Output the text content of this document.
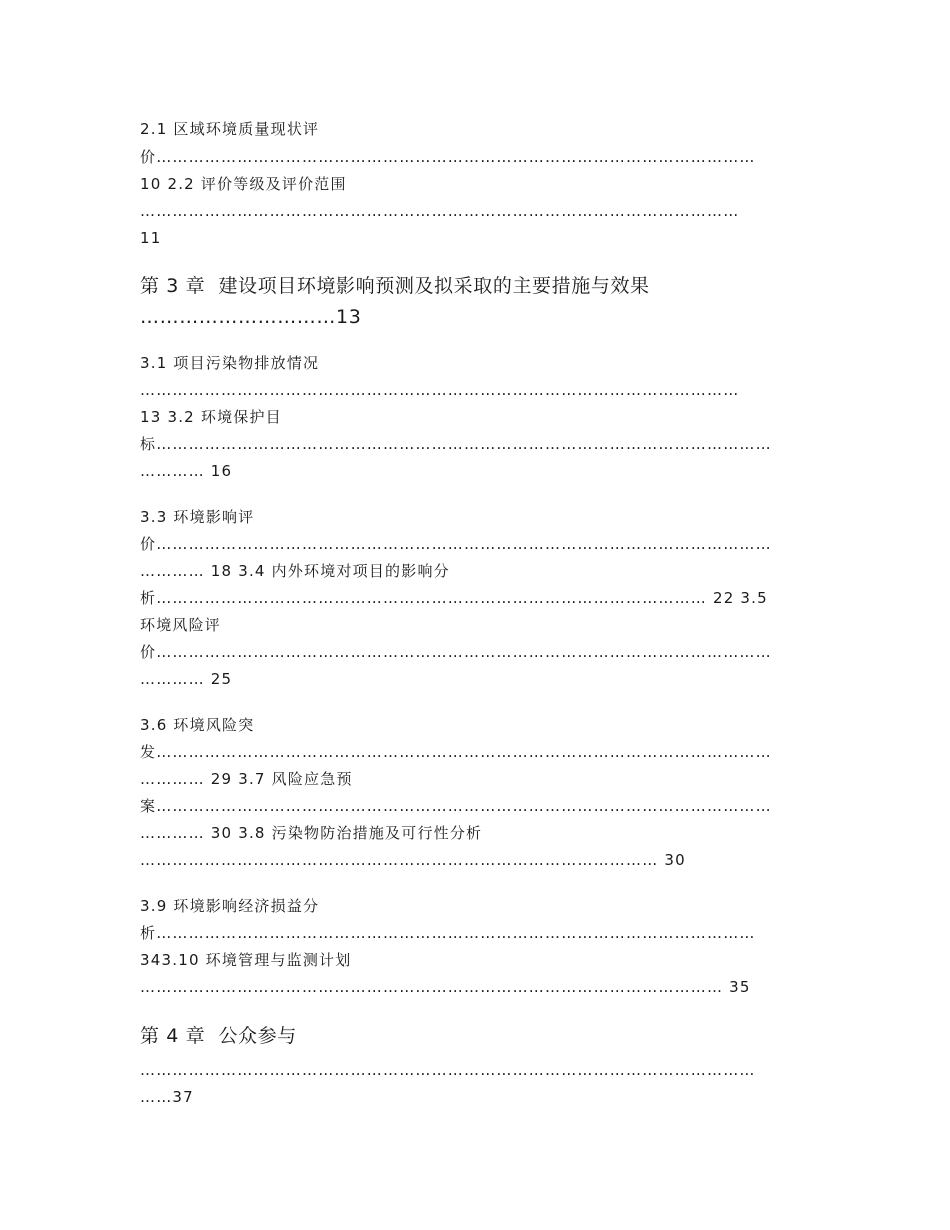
2.1 区域环境质量现状评

价…………………………………………………………………………………………………

10 2.2 评价等级及评价范围

…………………………………………………………………………………………………

11

第 3 章  建设项目环境影响预测及拟采取的主要措施与效果

…………………………13

3.1 项目污染物排放情况

…………………………………………………………………………………………………

13 3.2 环境保护目

标……………………………………………………………………………………………………

………… 16

3.3 环境影响评

价……………………………………………………………………………………………………

………… 18 3.4 内外环境对项目的影响分

析………………………………………………………………………………………… 22 3.5

环境风险评

价……………………………………………………………………………………………………

………… 25

3.6 环境风险突

发……………………………………………………………………………………………………

………… 29 3.7 风险应急预

案……………………………………………………………………………………………………

………… 30 3.8 污染物防治措施及可行性分析

…………………………………………………………………………………… 30

3.9 环境影响经济损益分

析…………………………………………………………………………………………………

343.10 环境管理与监测计划

……………………………………………………………………………………………… 35

第 4 章  公众参与

……………………………………………………………………………………………………

……37
